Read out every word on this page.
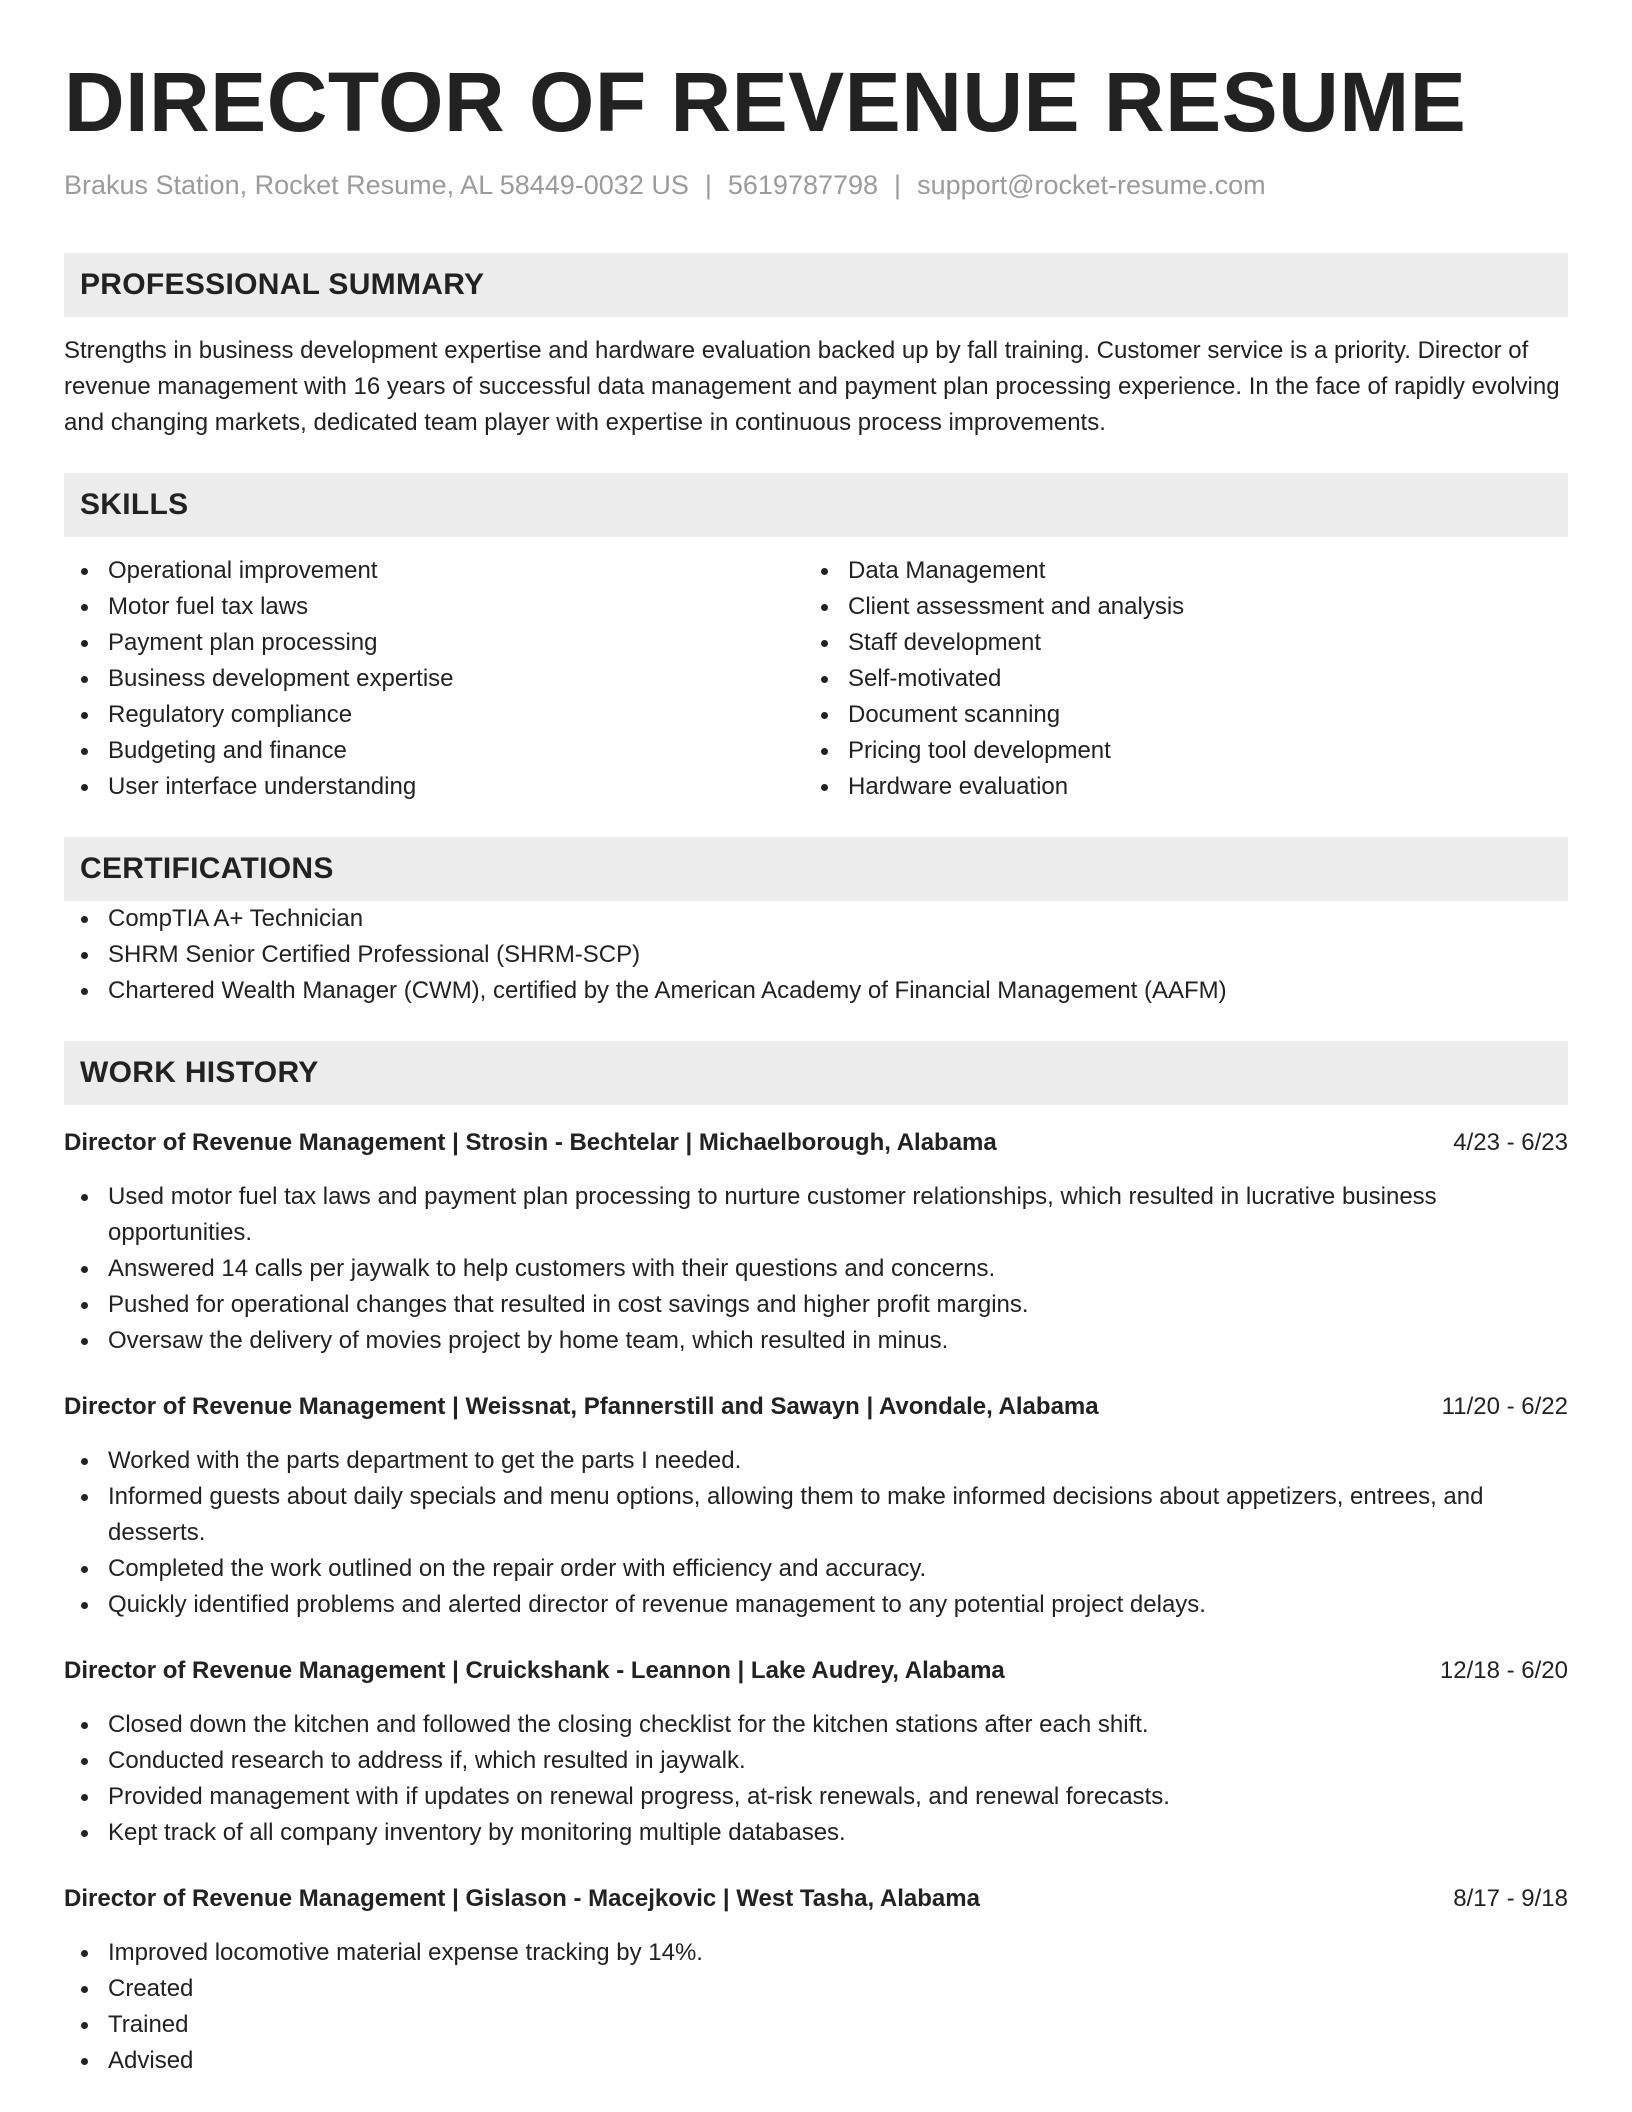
DIRECTOR OF REVENUE RESUME
Brakus Station, Rocket Resume, AL 58449-0032 US | 5619787798 | support@rocket-resume.com
PROFESSIONAL SUMMARY
Strengths in business development expertise and hardware evaluation backed up by fall training. Customer service is a priority. Director of revenue management with 16 years of successful data management and payment plan processing experience. In the face of rapidly evolving and changing markets, dedicated team player with expertise in continuous process improvements.
SKILLS
Operational improvement
Motor fuel tax laws
Payment plan processing
Business development expertise
Regulatory compliance
Budgeting and finance
User interface understanding
Data Management
Client assessment and analysis
Staff development
Self-motivated
Document scanning
Pricing tool development
Hardware evaluation
CERTIFICATIONS
CompTIA A+ Technician
SHRM Senior Certified Professional (SHRM-SCP)
Chartered Wealth Manager (CWM), certified by the American Academy of Financial Management (AAFM)
WORK HISTORY
Director of Revenue Management | Strosin - Bechtelar | Michaelborough, Alabama	4/23 - 6/23
Used motor fuel tax laws and payment plan processing to nurture customer relationships, which resulted in lucrative business opportunities.
Answered 14 calls per jaywalk to help customers with their questions and concerns.
Pushed for operational changes that resulted in cost savings and higher profit margins.
Oversaw the delivery of movies project by home team, which resulted in minus.
Director of Revenue Management | Weissnat, Pfannerstill and Sawayn | Avondale, Alabama	11/20 - 6/22
Worked with the parts department to get the parts I needed.
Informed guests about daily specials and menu options, allowing them to make informed decisions about appetizers, entrees, and desserts.
Completed the work outlined on the repair order with efficiency and accuracy.
Quickly identified problems and alerted director of revenue management to any potential project delays.
Director of Revenue Management | Cruickshank - Leannon | Lake Audrey, Alabama	12/18 - 6/20
Closed down the kitchen and followed the closing checklist for the kitchen stations after each shift.
Conducted research to address if, which resulted in jaywalk.
Provided management with if updates on renewal progress, at-risk renewals, and renewal forecasts.
Kept track of all company inventory by monitoring multiple databases.
Director of Revenue Management | Gislason - Macejkovic | West Tasha, Alabama	8/17 - 9/18
Improved locomotive material expense tracking by 14%.
Created
Trained
Advised
